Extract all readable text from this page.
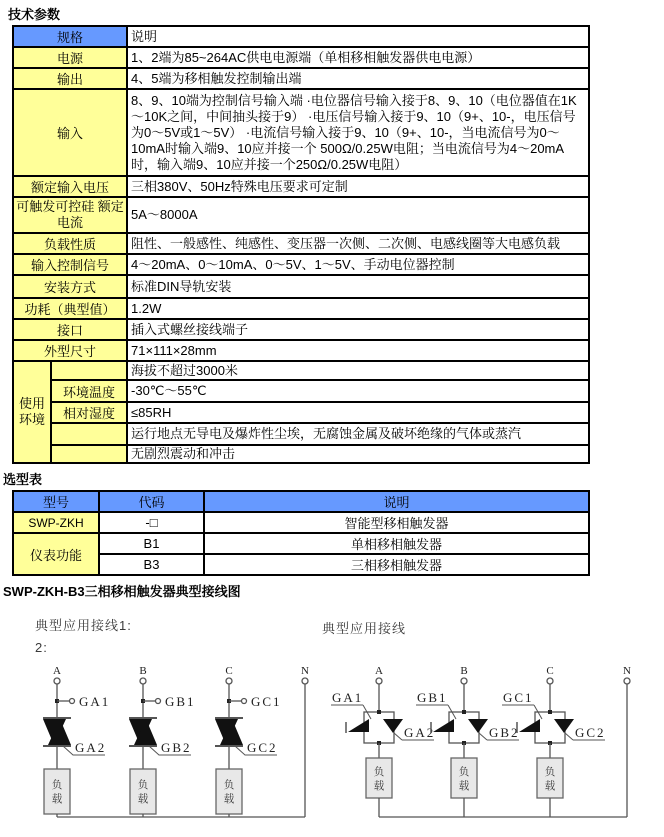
技术参数
规格		说明
电源		1、2端为85~264AC供电电源端（单相移相触发器供电电源）
输出		4、5端为移相触发控制输出端
输入		8、9、10端为控制信号输入端 ·电位器信号输入接于8、9、10（电位器值在1K～10K之间，中间抽头接于9） ·电压信号输入接于9、10（9+、10-，电压信号为0～5V或1～5V） ·电流信号输入接于9、10（9+、10-，当电流信号为0～10mA时输入端9、10应并接一个 500Ω/0.25W电阻；当电流信号为4～20mA时，输入端9、10应并接一个250Ω/0.25W电阻）
额定输入电压		三相380V、50Hz特殊电压要求可定制
可触发可控硅 额定电流		5A～8000A
负载性质		阻性、一般感性、纯感性、变压器一次侧、二次侧、电感线圈等大电感负载
输入控制信号		4～20mA、0～10mA、0～5V、1～5V、手动电位器控制
安装方式		标准DIN导轨安装
功耗（典型值）		1.2W
接口		插入式螺丝接线端子
外型尺寸		71×111×28mm
使用环境		海拔不超过3000米
	环境温度	-30℃～55℃
	相对湿度	≤85RH
		运行地点无导电及爆炸性尘埃，无腐蚀金属及破坏绝缘的气体或蒸汽
		无剧烈震动和冲击
选型表
型号	代码	说明
SWP-ZKH	-□	智能型移相触发器
仪表功能	B1	单相移相触发器
	B3	三相移相触发器
SWP-ZKH-B3三相移相触发器典型接线图
典型应用接线1:
2:
典型应用接线
A
GA1
GA2
负
载
B
GB1
GB2
负
载
C
GC1
GC2
负
载
N	A
GA1
GA2
负
载
B
GB1
GB2
负
载
C
GC1
GC2
负
载
N
